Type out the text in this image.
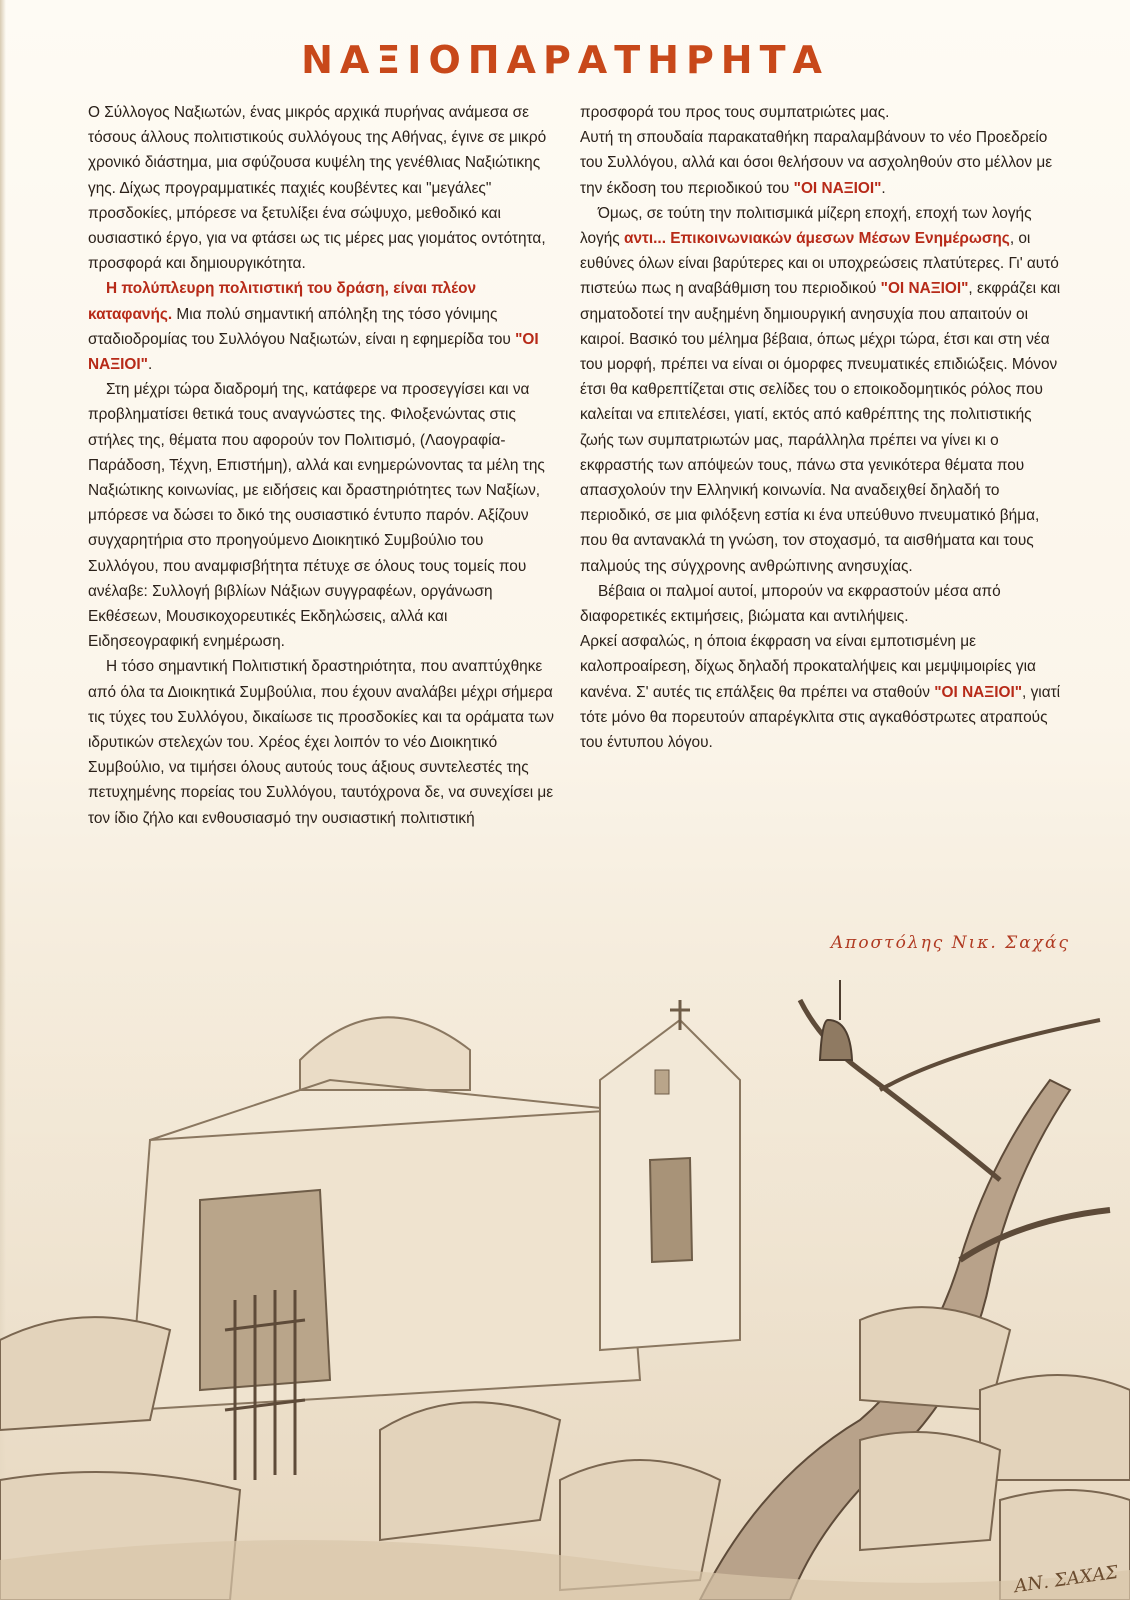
ΝΑΞΙΟΠΑΡΑΤΗΡΗΤΑ

Ο Σύλλογος Ναξιωτών, ένας μικρός αρχικά πυρήνας ανάμεσα σε τόσους άλλους πολιτιστικούς συλλόγους της Αθήνας, έγινε σε μικρό χρονικό διάστημα, μια σφύζουσα κυψέλη της γενέθλιας Ναξιώτικης γης. Δίχως προγραμματικές παχιές κουβέντες και "μεγάλες" προσδοκίες, μπόρεσε να ξετυλίξει ένα σώψυχο, μεθοδικό και ουσιαστικό έργο, για να φτάσει ως τις μέρες μας γιομάτος οντότητα, προσφορά και δημιουργικότητα.

Η πολύπλευρη πολιτιστική του δράση, είναι πλέον καταφανής. Μια πολύ σημαντική απόληξη της τόσο γόνιμης σταδιοδρομίας του Συλλόγου Ναξιωτών, είναι η εφημερίδα του "ΟΙ ΝΑΞΙΟΙ".

Στη μέχρι τώρα διαδρομή της, κατάφερε να προσεγγίσει και να προβληματίσει θετικά τους αναγνώστες της. Φιλοξενώντας στις στήλες της, θέματα που αφορούν τον Πολιτισμό, (Λαογραφία- Παράδοση, Τέχνη, Επιστήμη), αλλά και ενημερώνοντας τα μέλη της Ναξιώτικης κοινωνίας, με ειδήσεις και δραστηριότητες των Ναξίων, μπόρεσε να δώσει το δικό της ουσιαστικό έντυπο παρόν. Αξίζουν συγχαρητήρια στο προηγούμενο Διοικητικό Συμβούλιο του Συλλόγου, που αναμφισβήτητα πέτυχε σε όλους τους τομείς που ανέλαβε: Συλλογή βιβλίων Νάξιων συγγραφέων, οργάνωση Εκθέσεων, Μουσικοχορευτικές Εκδηλώσεις, αλλά και Ειδησεογραφική ενημέρωση.

Η τόσο σημαντική Πολιτιστική δραστηριότητα, που αναπτύχθηκε από όλα τα Διοικητικά Συμβούλια, που έχουν αναλάβει μέχρι σήμερα τις τύχες του Συλλόγου, δικαίωσε τις προσδοκίες και τα οράματα των ιδρυτικών στελεχών του. Χρέος έχει λοιπόν το νέο Διοικητικό Συμβούλιο, να τιμήσει όλους αυτούς τους άξιους συντελεστές της πετυχημένης πορείας του Συλλόγου, ταυτόχρονα δε, να συνεχίσει με τον ίδιο ζήλο και ενθουσιασμό την ουσιαστική πολιτιστική

προσφορά του προς τους συμπατριώτες μας.

Αυτή τη σπουδαία παρακαταθήκη παραλαμβάνουν το νέο Προεδρείο του Συλλόγου, αλλά και όσοι θελήσουν να ασχοληθούν στο μέλλον με την έκδοση του περιοδικού του "ΟΙ ΝΑΞΙΟΙ".

Όμως, σε τούτη την πολιτισμικά μίζερη εποχή, εποχή των λογής λογής αντι... Επικοινωνιακών άμεσων Μέσων Ενημέρωσης, οι ευθύνες όλων είναι βαρύτερες και οι υποχρεώσεις πλατύτερες. Γι' αυτό πιστεύω πως η αναβάθμιση του περιοδικού "ΟΙ ΝΑΞΙΟΙ", εκφράζει και σηματοδοτεί την αυξημένη δημιουργική ανησυχία που απαιτούν οι καιροί. Βασικό του μέλημα βέβαια, όπως μέχρι τώρα, έτσι και στη νέα του μορφή, πρέπει να είναι οι όμορφες πνευματικές επιδιώξεις. Μόνον έτσι θα καθρεπτίζεται στις σελίδες του ο εποικοδομητικός ρόλος που καλείται να επιτελέσει, γιατί, εκτός από καθρέπτης της πολιτιστικής ζωής των συμπατριωτών μας, παράλληλα πρέπει να γίνει κι ο εκφραστής των απόψεών τους, πάνω στα γενικότερα θέματα που απασχολούν την Ελληνική κοινωνία. Να αναδειχθεί δηλαδή το περιοδικό, σε μια φιλόξενη εστία κι ένα υπεύθυνο πνευματικό βήμα, που θα αντανακλά τη γνώση, τον στοχασμό, τα αισθήματα και τους παλμούς της σύγχρονης ανθρώπινης ανησυχίας.

Βέβαια οι παλμοί αυτοί, μπορούν να εκφραστούν μέσα από διαφορετικές εκτιμήσεις, βιώματα και αντιλήψεις.

Αρκεί ασφαλώς, η όποια έκφραση να είναι εμποτισμένη με καλοπροαίρεση, δίχως δηλαδή προκαταλήψεις και μεμψιμοιρίες για κανένα. Σ' αυτές τις επάλξεις θα πρέπει να σταθούν "ΟΙ ΝΑΞΙΟΙ", γιατί τότε μόνο θα πορευτούν απαρέγκλιτα στις αγκαθόστρωτες ατραπούς του έντυπου λόγου.

Αποστόλης Νικ. Σαχάς
ΑΝ. ΣΑΧΑΣ
